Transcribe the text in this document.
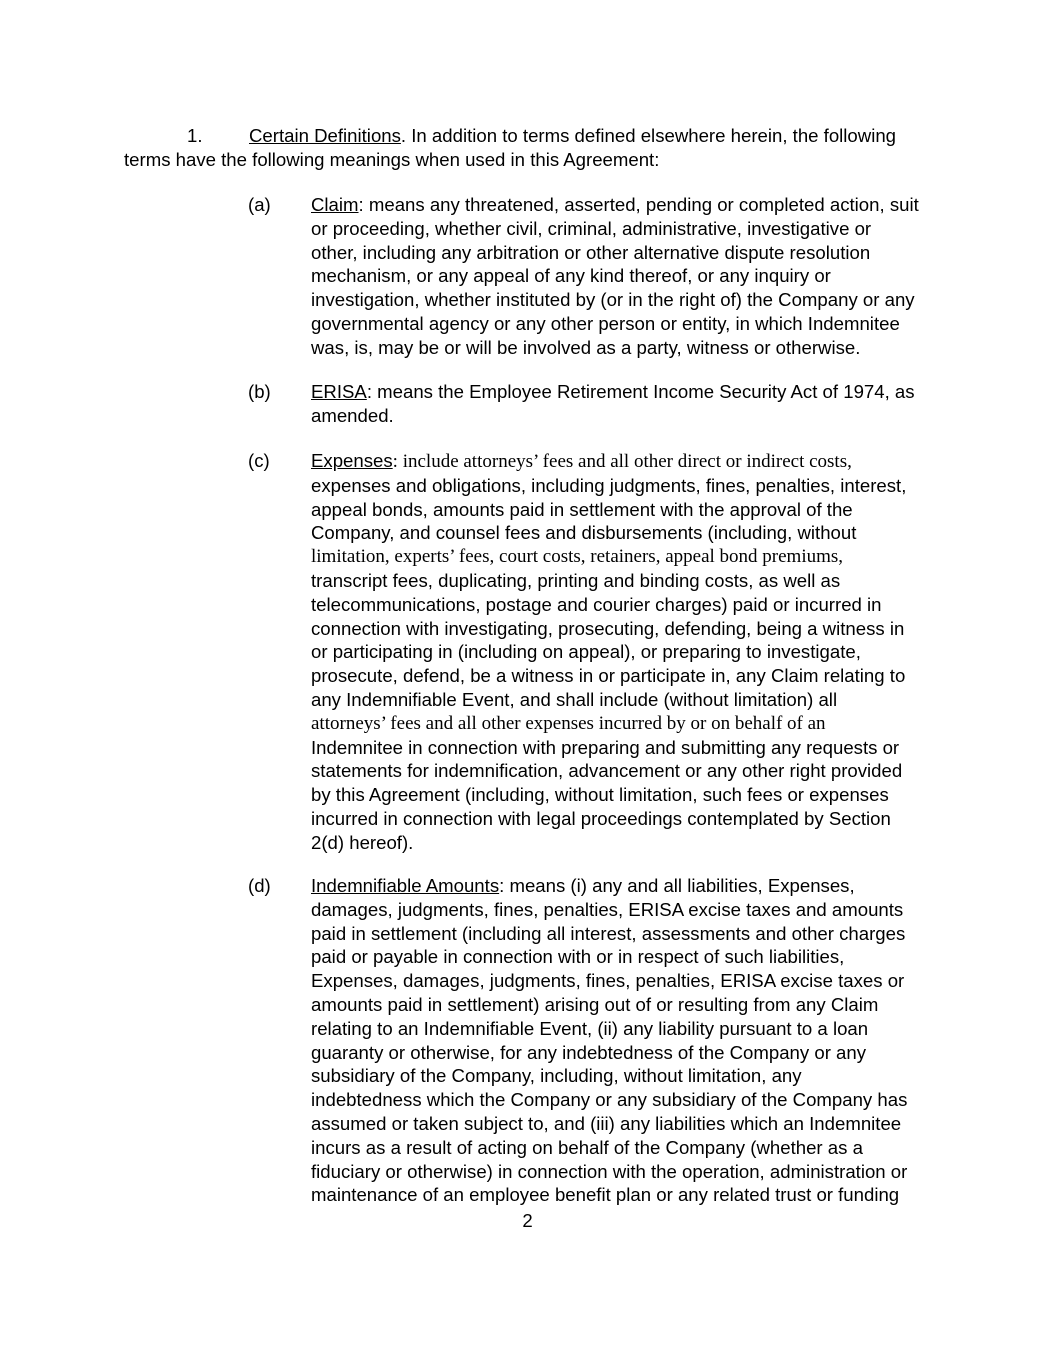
1. Certain Definitions. In addition to terms defined elsewhere herein, the following
terms have the following meanings when used in this Agreement:
(a) Claim: means any threatened, asserted, pending or completed action, suit
or proceeding, whether civil, criminal, administrative, investigative or
other, including any arbitration or other alternative dispute resolution
mechanism, or any appeal of any kind thereof, or any inquiry or
investigation, whether instituted by (or in the right of) the Company or any
governmental agency or any other person or entity, in which Indemnitee
was, is, may be or will be involved as a party, witness or otherwise.
(b) ERISA: means the Employee Retirement Income Security Act of 1974, as
amended.
(c) Expenses: include attorneys’ fees and all other direct or indirect costs,
expenses and obligations, including judgments, fines, penalties, interest,
appeal bonds, amounts paid in settlement with the approval of the
Company, and counsel fees and disbursements (including, without
limitation, experts’ fees, court costs, retainers, appeal bond premiums,
transcript fees, duplicating, printing and binding costs, as well as
telecommunications, postage and courier charges) paid or incurred in
connection with investigating, prosecuting, defending, being a witness in
or participating in (including on appeal), or preparing to investigate,
prosecute, defend, be a witness in or participate in, any Claim relating to
any Indemnifiable Event, and shall include (without limitation) all
attorneys’ fees and all other expenses incurred by or on behalf of an
Indemnitee in connection with preparing and submitting any requests or
statements for indemnification, advancement or any other right provided
by this Agreement (including, without limitation, such fees or expenses
incurred in connection with legal proceedings contemplated by Section
2(d) hereof).
(d) Indemnifiable Amounts: means (i) any and all liabilities, Expenses,
damages, judgments, fines, penalties, ERISA excise taxes and amounts
paid in settlement (including all interest, assessments and other charges
paid or payable in connection with or in respect of such liabilities,
Expenses, damages, judgments, fines, penalties, ERISA excise taxes or
amounts paid in settlement) arising out of or resulting from any Claim
relating to an Indemnifiable Event, (ii) any liability pursuant to a loan
guaranty or otherwise, for any indebtedness of the Company or any
subsidiary of the Company, including, without limitation, any
indebtedness which the Company or any subsidiary of the Company has
assumed or taken subject to, and (iii) any liabilities which an Indemnitee
incurs as a result of acting on behalf of the Company (whether as a
fiduciary or otherwise) in connection with the operation, administration or
maintenance of an employee benefit plan or any related trust or funding
2
